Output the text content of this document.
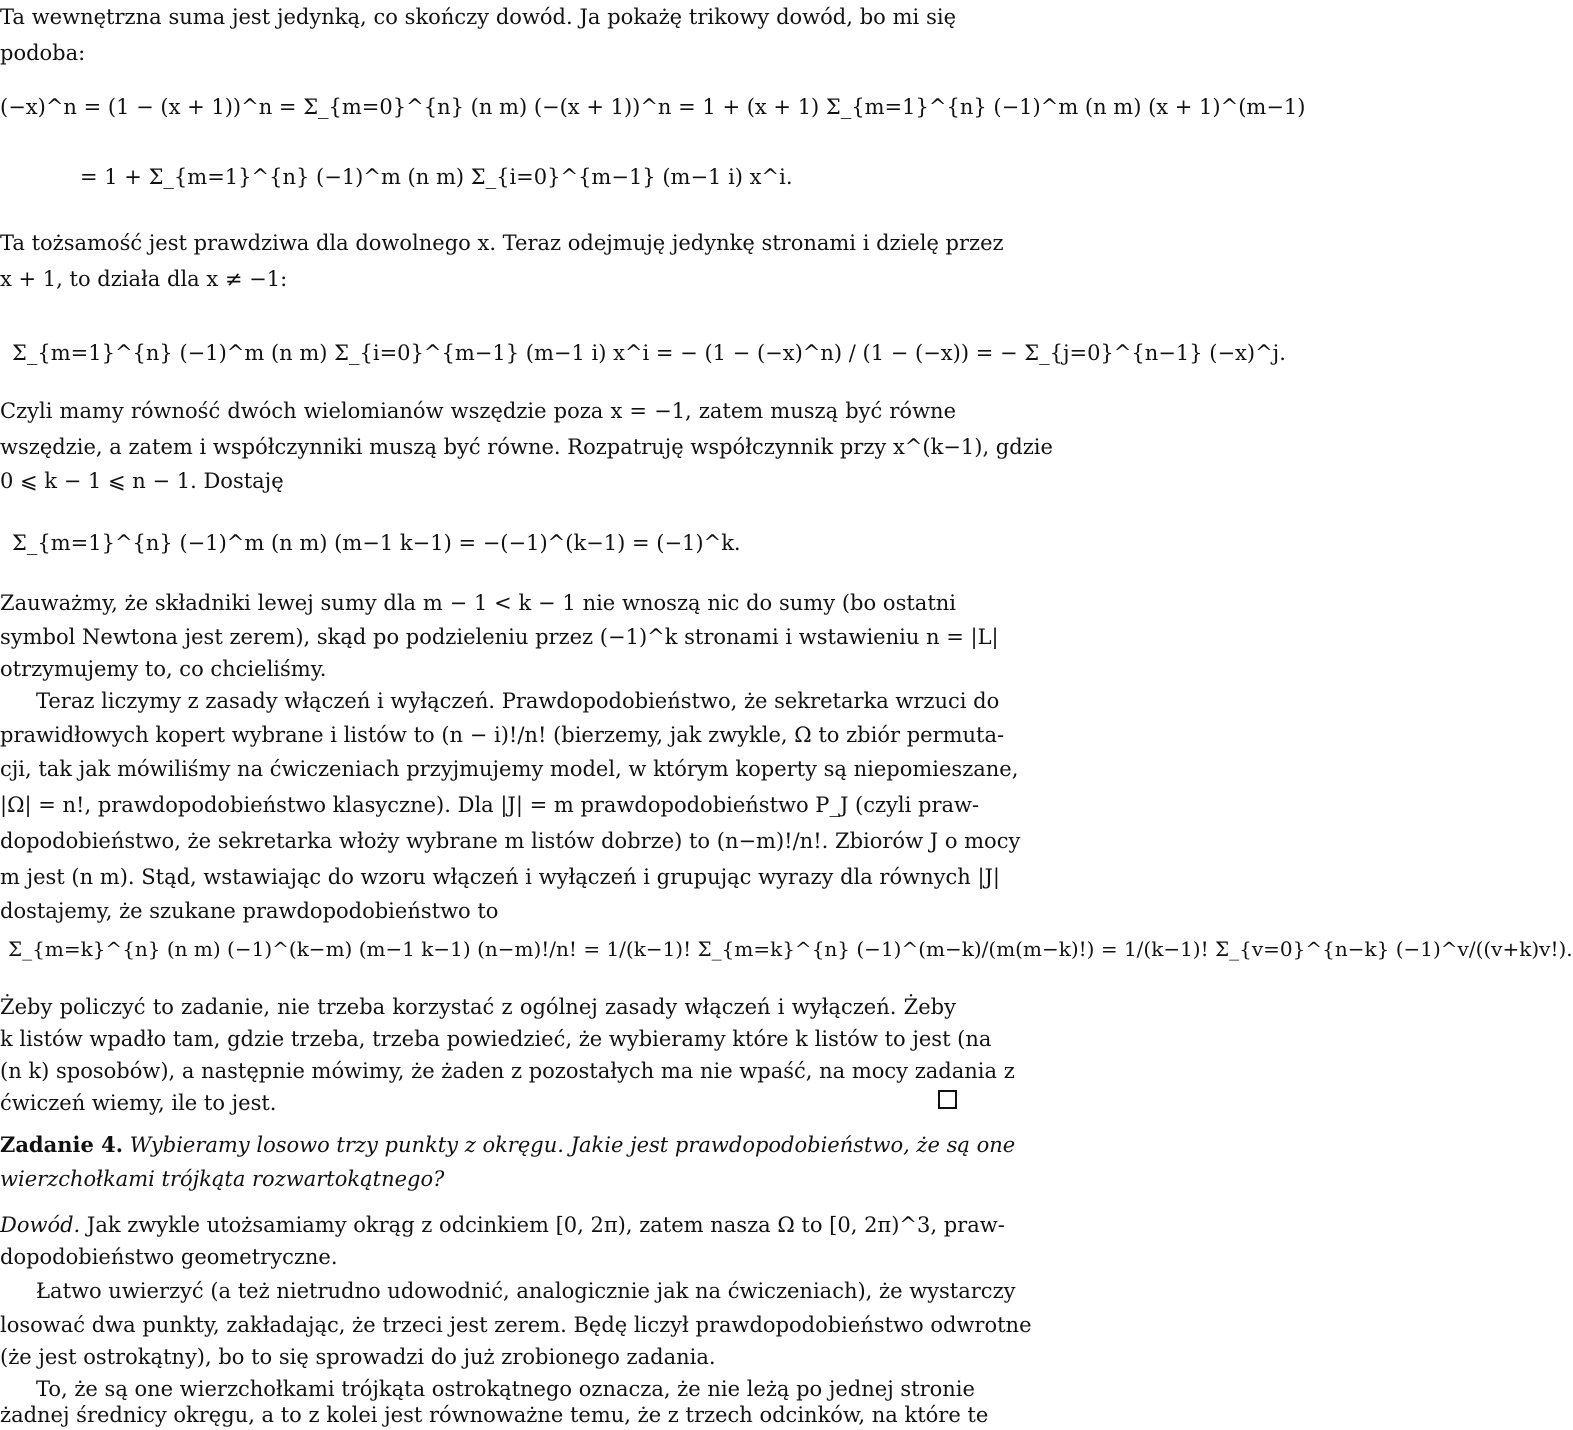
Ta wewnętrzna suma jest jedynką, co skończy dowód. Ja pokażę trikowy dowód, bo mi się
podoba:
(−x)^n = (1 − (x + 1))^n = Σ_{m=0}^{n} (n m) (−(x + 1))^n = 1 + (x + 1) Σ_{m=1}^{n} (−1)^m (n m) (x + 1)^(m−1)
= 1 + Σ_{m=1}^{n} (−1)^m (n m) Σ_{i=0}^{m−1} (m−1 i) x^i.
Ta tożsamość jest prawdziwa dla dowolnego x. Teraz odejmuję jedynkę stronami i dzielę przez
x + 1, to działa dla x ≠ −1:
Σ_{m=1}^{n} (−1)^m (n m) Σ_{i=0}^{m−1} (m−1 i) x^i = − (1 − (−x)^n) / (1 − (−x)) = − Σ_{j=0}^{n−1} (−x)^j.
Czyli mamy równość dwóch wielomianów wszędzie poza x = −1, zatem muszą być równe
wszędzie, a zatem i współczynniki muszą być równe. Rozpatruję współczynnik przy x^(k−1), gdzie
0 ⩽ k − 1 ⩽ n − 1. Dostaję
Σ_{m=1}^{n} (−1)^m (n m) (m−1 k−1) = −(−1)^(k−1) = (−1)^k.
Zauważmy, że składniki lewej sumy dla m − 1 < k − 1 nie wnoszą nic do sumy (bo ostatni
symbol Newtona jest zerem), skąd po podzieleniu przez (−1)^k stronami i wstawieniu n = |L|
otrzymujemy to, co chcieliśmy.
Teraz liczymy z zasady włączeń i wyłączeń. Prawdopodobieństwo, że sekretarka wrzuci do
prawidłowych kopert wybrane i listów to (n − i)!/n! (bierzemy, jak zwykle, Ω to zbiór permuta-
cji, tak jak mówiliśmy na ćwiczeniach przyjmujemy model, w którym koperty są niepomieszane,
|Ω| = n!, prawdopodobieństwo klasyczne). Dla |J| = m prawdopodobieństwo P_J (czyli praw-
dopodobieństwo, że sekretarka włoży wybrane m listów dobrze) to (n−m)!/n!. Zbiorów J o mocy
m jest (n m). Stąd, wstawiając do wzoru włączeń i wyłączeń i grupując wyrazy dla równych |J|
dostajemy, że szukane prawdopodobieństwo to
Σ_{m=k}^{n} (n m) (−1)^(k−m) (m−1 k−1) (n−m)!/n! = 1/(k−1)! Σ_{m=k}^{n} (−1)^(m−k)/(m(m−k)!) = 1/(k−1)! Σ_{v=0}^{n−k} (−1)^v/((v+k)v!).
Żeby policzyć to zadanie, nie trzeba korzystać z ogólnej zasady włączeń i wyłączeń. Żeby
k listów wpadło tam, gdzie trzeba, trzeba powiedzieć, że wybieramy które k listów to jest (na
(n k) sposobów), a następnie mówimy, że żaden z pozostałych ma nie wpaść, na mocy zadania z
ćwiczeń wiemy, ile to jest.
Zadanie 4. Wybieramy losowo trzy punkty z okręgu. Jakie jest prawdopodobieństwo, że są one
wierzchołkami trójkąta rozwartokątnego?
Dowód. Jak zwykle utożsamiamy okrąg z odcinkiem [0, 2π), zatem nasza Ω to [0, 2π)^3, praw-
dopodobieństwo geometryczne.
Łatwo uwierzyć (a też nietrudno udowodnić, analogicznie jak na ćwiczeniach), że wystarczy
losować dwa punkty, zakładając, że trzeci jest zerem. Będę liczył prawdopodobieństwo odwrotne
(że jest ostrokątny), bo to się sprowadzi do już zrobionego zadania.
To, że są one wierzchołkami trójkąta ostrokątnego oznacza, że nie leżą po jednej stronie
żadnej średnicy okręgu, a to z kolei jest równoważne temu, że z trzech odcinków, na które te
